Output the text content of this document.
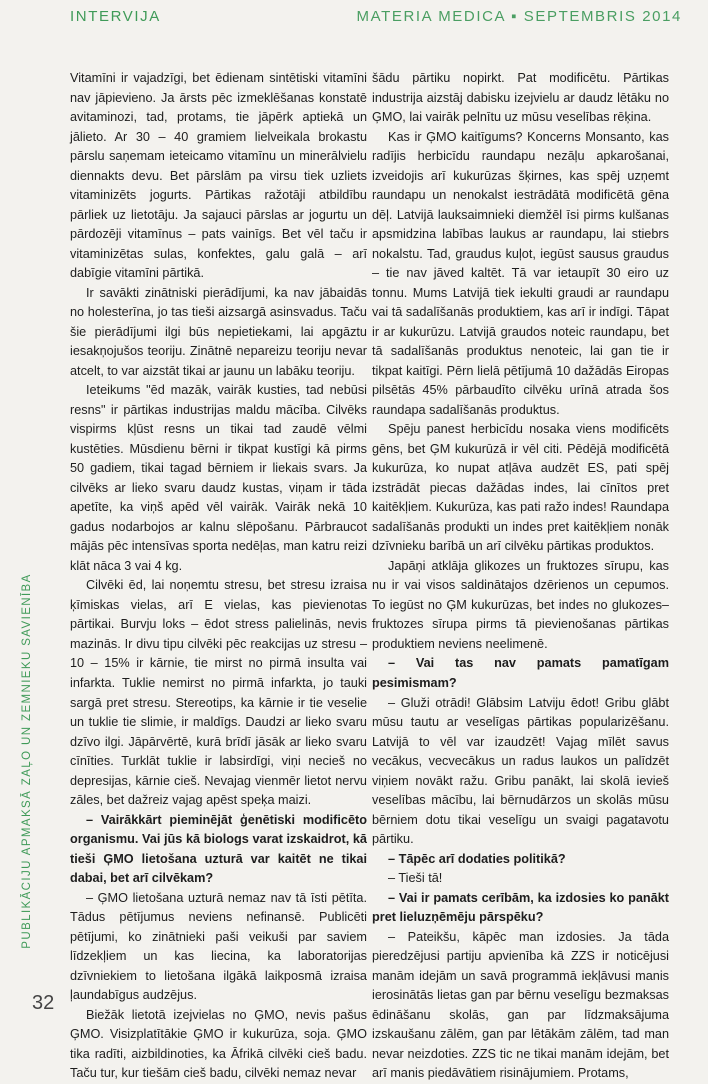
INTERVIJA	MATERIA MEDICA ▪ SEPTEMBRIS 2014
PUBLIKĀCIJU APMAKSĀ ZAĻO UN ZEMNIEKU SAVIENĪBA

Vitamīni ir vajadzīgi, bet ēdienam sintētiski vitamīni nav jāpievieno. Ja ārsts pēc izmeklēšanas konstatē avitaminozi, tad, protams, tie jāpērk aptiekā un jālieto. Ar 30 – 40 gramiem lielveikala brokastu pārslu saņemam ieteicamo vitamīnu un minerālvielu diennakts devu. Bet pārslām pa virsu tiek uzliets vitaminizēts jogurts. Pārtikas ražotāji atbildību pārliek uz lietotāju. Ja sajauci pārslas ar jogurtu un pārdozēji vitamīnus – pats vainīgs. Bet vēl taču ir vitaminizētas sulas, konfektes, galu galā – arī dabīgie vitamīni pārtikā.

Ir savākti zinātniski pierādījumi, ka nav jābaidās no holesterīna, jo tas tieši aizsargā asinsvadus. Taču šie pierādījumi ilgi būs nepietiekami, lai apgāztu iesakņojušos teoriju. Zinātnē nepareizu teoriju nevar atcelt, to var aizstāt tikai ar jaunu un labāku teoriju.

Ieteikums "ēd mazāk, vairāk kusties, tad nebūsi resns" ir pārtikas industrijas maldu mācība. Cilvēks vispirms kļūst resns un tikai tad zaudē vēlmi kustēties. Mūsdienu bērni ir tikpat kustīgi kā pirms 50 gadiem, tikai tagad bērniem ir liekais svars. Ja cilvēks ar lieko svaru daudz kustas, viņam ir tāda apetīte, ka viņš apēd vēl vairāk. Vairāk nekā 10 gadus nodarbojos ar kalnu slēpošanu. Pārbraucot mājās pēc intensīvas sporta nedēļas, man katru reizi klāt nāca 3 vai 4 kg.

Cilvēki ēd, lai noņemtu stresu, bet stresu izraisa ķīmiskas vielas, arī E vielas, kas pievienotas pārtikai. Burvju loks – ēdot stress palielinās, nevis mazinās. Ir divu tipu cilvēki pēc reakcijas uz stresu – 10 – 15% ir kārnie, tie mirst no pirmā insulta vai infarkta. Tuklie nemirst no pirmā infarkta, jo tauki sargā pret stresu. Stereotips, ka kārnie ir tie veselie un tuklie tie slimie, ir maldīgs. Daudzi ar lieko svaru dzīvo ilgi. Jāpārvērtē, kurā brīdī jāsāk ar lieko svaru cīnīties. Turklāt tuklie ir labsirdīgi, viņi necieš no depresijas, kārnie cieš. Nevajag vienmēr lietot nervu zāles, bet dažreiz vajag apēst speķa maizi.

– Vairākkārt pieminējāt ģenētiski modificēto organismu. Vai jūs kā biologs varat izskaidrot, kā tieši ĢMO lietošana uzturā var kaitēt ne tikai dabai, bet arī cilvēkam?

– ĢMO lietošana uzturā nemaz nav tā īsti pētīta. Tādus pētījumus neviens nefinansē. Publicēti pētījumi, ko zinātnieki paši veikuši par saviem līdzekļiem un kas liecina, ka laboratorijas dzīvniekiem to lietošana ilgākā laikposmā izraisa ļaundabīgus audzējus.

Biežāk lietotā izejvielas no ĢMO, nevis pašus ĢMO. Visizplatītākie ĢMO ir kukurūza, soja. ĢMO tika radīti, aizbildinoties, ka Āfrikā cilvēki cieš badu. Taču tur, kur tiešām cieš badu, cilvēki nemaz nevar

šādu pārtiku nopirkt. Pat modificētu. Pārtikas industrija aizstāj dabisku izejvielu ar daudz lētāku no ĢMO, lai vairāk pelnītu uz mūsu veselības rēķina.

Kas ir ĢMO kaitīgums? Koncerns Monsanto, kas radījis herbicīdu raundapu nezāļu apkarošanai, izveidojis arī kukurūzas šķirnes, kas spēj uzņemt raundapu un nenokalst iestrādātā modificētā gēna dēļ. Latvijā lauksaimnieki diemžēl īsi pirms kulšanas apsmidzina labības laukus ar raundapu, lai stiebrs nokalstu. Tad, graudus kuļot, iegūst sausus graudus – tie nav jāved kaltēt. Tā var ietaupīt 30 eiro uz tonnu. Mums Latvijā tiek iekulti graudi ar raundapu vai tā sadalīšanās produktiem, kas arī ir indīgi. Tāpat ir ar kukurūzu. Latvijā graudos noteic raundapu, bet tā sadalīšanās produktus nenoteic, lai gan tie ir tikpat kaitīgi. Pērn lielā pētījumā 10 dažādās Eiropas pilsētās 45% pārbaudīto cilvēku urīnā atrada šos raundapa sadalīšanās produktus.

Spēju panest herbicīdu nosaka viens modificēts gēns, bet ĢM kukurūzā ir vēl citi. Pēdējā modificētā kukurūza, ko nupat atļāva audzēt ES, pati spēj izstrādāt piecas dažādas indes, lai cīnītos pret kaitēkļiem. Kukurūza, kas pati ražo indes! Raundapa sadalīšanās produkti un indes pret kaitēkļiem nonāk dzīvnieku barībā un arī cilvēku pārtikas produktos.

Japāņi atklāja glikozes un fruktozes sīrupu, kas nu ir vai visos saldinātajos dzērienos un cepumos. To iegūst no ĢM kukurūzas, bet indes no glukozes–fruktozes sīrupa pirms tā pievienošanas pārtikas produktiem neviens neelimenē.

– Vai tas nav pamats pamatīgam pesimismam?

– Gluži otrādi! Glābsim Latviju ēdot! Gribu glābt mūsu tautu ar veselīgas pārtikas popularizēšanu. Latvijā to vēl var izaudzēt! Vajag mīlēt savus vecākus, vecvecākus un radus laukos un palīdzēt viņiem novākt ražu. Gribu panākt, lai skolā ievieš veselības mācību, lai bērnudārzos un skolās mūsu bērniem dotu tikai veselīgu un svaigi pagatavotu pārtiku.

– Tāpēc arī dodaties politikā?

– Tieši tā!

– Vai ir pamats cerībām, ka izdosies ko panākt pret lieluzņēmēju pārspēku?

– Pateikšu, kāpēc man izdosies. Ja tāda pieredzējusi partiju apvienība kā ZZS ir noticējusi manām idejām un savā programmā iekļāvusi manis ierosinātās lietas gan par bērnu veselīgu bezmaksas ēdināšanu skolās, gan par līdzmaksājuma izskaušanu zālēm, gan par lētākām zālēm, tad man nevar neizdoties. ZZS tic ne tikai manām idejām, bet arī manis piedāvātiem risinājumiem. Protams,

32
